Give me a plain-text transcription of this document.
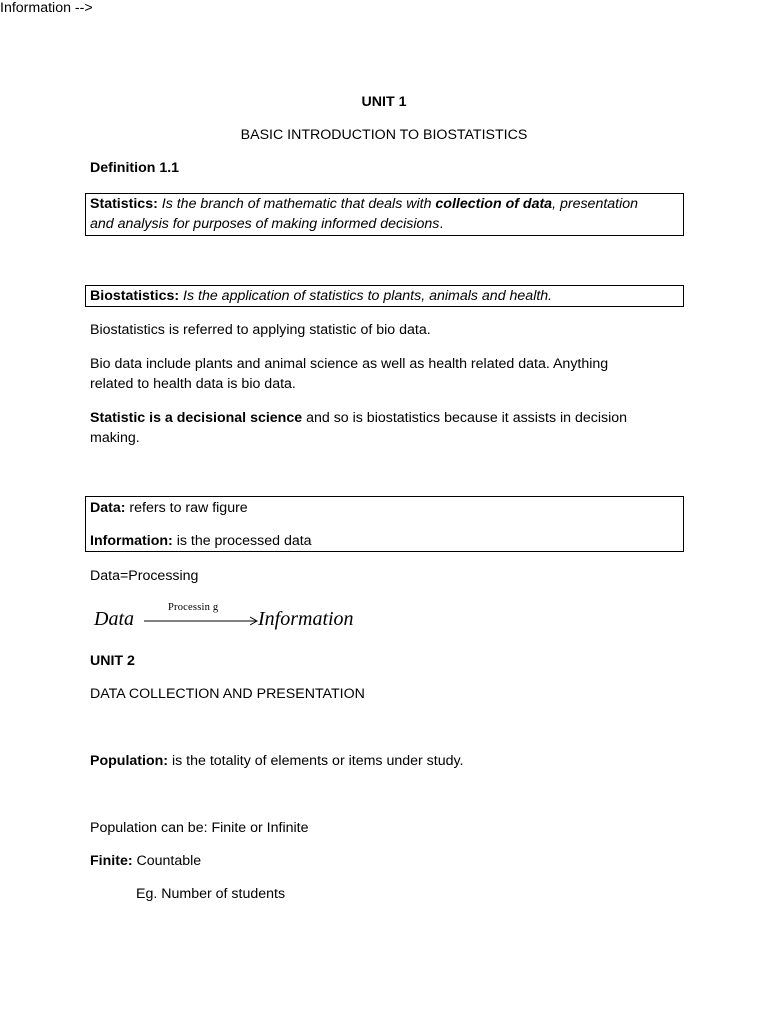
UNIT 1
BASIC INTRODUCTION TO BIOSTATISTICS
Definition 1.1
Statistics: Is the branch of mathematic that deals with collection of data, presentation
and analysis for purposes of making informed decisions.
Biostatistics: Is the application of statistics to plants, animals and health.
Biostatistics is referred to applying statistic of bio data.
Bio data include plants and animal science as well as health related data. Anything
related to health data is bio data.
Statistic is a decisional science and so is biostatistics because it assists in decision
making.
Data: refers to raw figure
Information: is the processed data
Data=Processing
Information -->
Data
Processin g
Information
UNIT 2
DATA COLLECTION AND PRESENTATION
Population: is the totality of elements or items under study.
Population can be: Finite or Infinite
Finite: Countable
Eg. Number of students
